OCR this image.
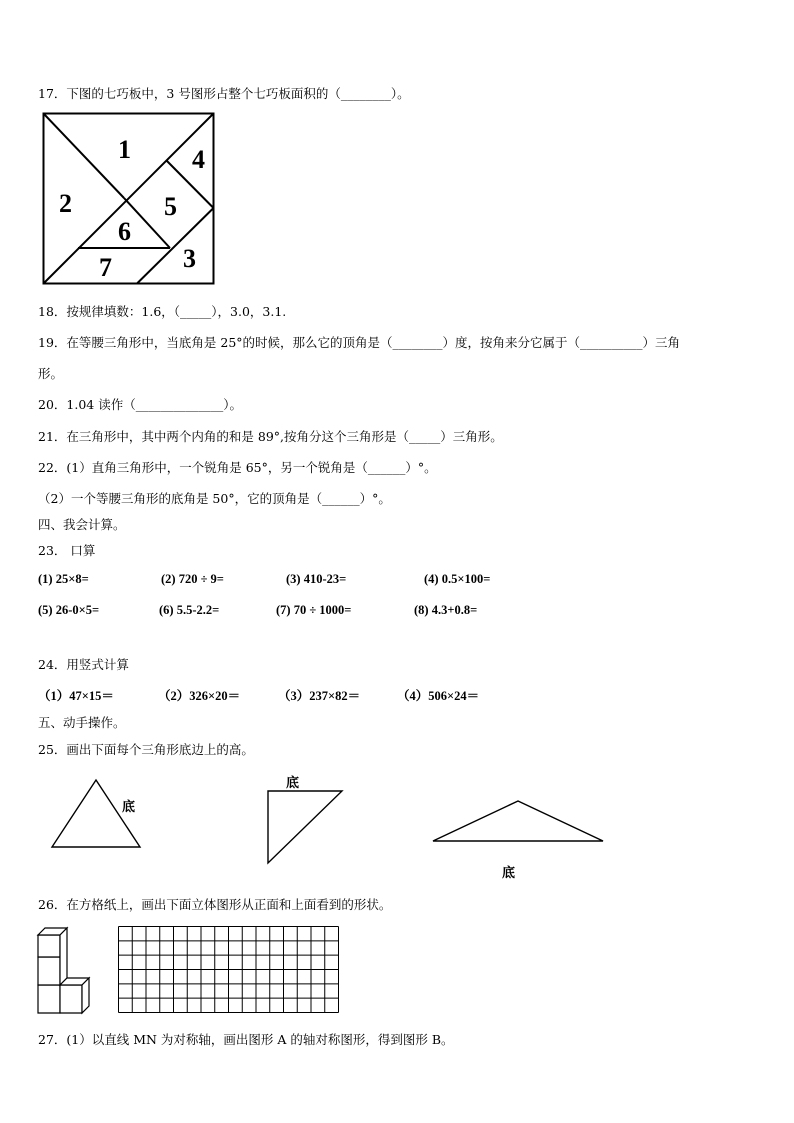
17．下图的七巧板中，3 号图形占整个七巧板面积的（________）。
1
2
3
4
5
6
7
18．按规律填数：1.6，（_____），3.0，3.1.
19．在等腰三角形中，当底角是 25°的时候，那么它的顶角是（________）度，按角来分它属于（__________）三角
形。
20．1.04 读作（______________）。
21．在三角形中，其中两个内角的和是 89°,按角分这个三角形是（_____）三角形。
22．(1）直角三角形中，一个锐角是 65°，另一个锐角是（______）°。
（2）一个等腰三角形的底角是 50°，它的顶角是（______）°。
四、我会计算。
23． 口算
(1) 25×8=	(2) 720 ÷ 9=	(3) 410-23=	(4) 0.5×100=
(5) 26-0×5=	(6) 5.5-2.2=	(7) 70 ÷ 1000=	(8) 4.3+0.8=
24．用竖式计算
（1）47×15＝	（2）326×20＝	（3）237×82＝	（4）506×24＝
五、动手操作。
25．画出下面每个三角形底边上的高。
底
底
底
26．在方格纸上，画出下面立体图形从正面和上面看到的形状。
27．(1）以直线 MN 为对称轴，画出图形 A 的轴对称图形，得到图形 B。
